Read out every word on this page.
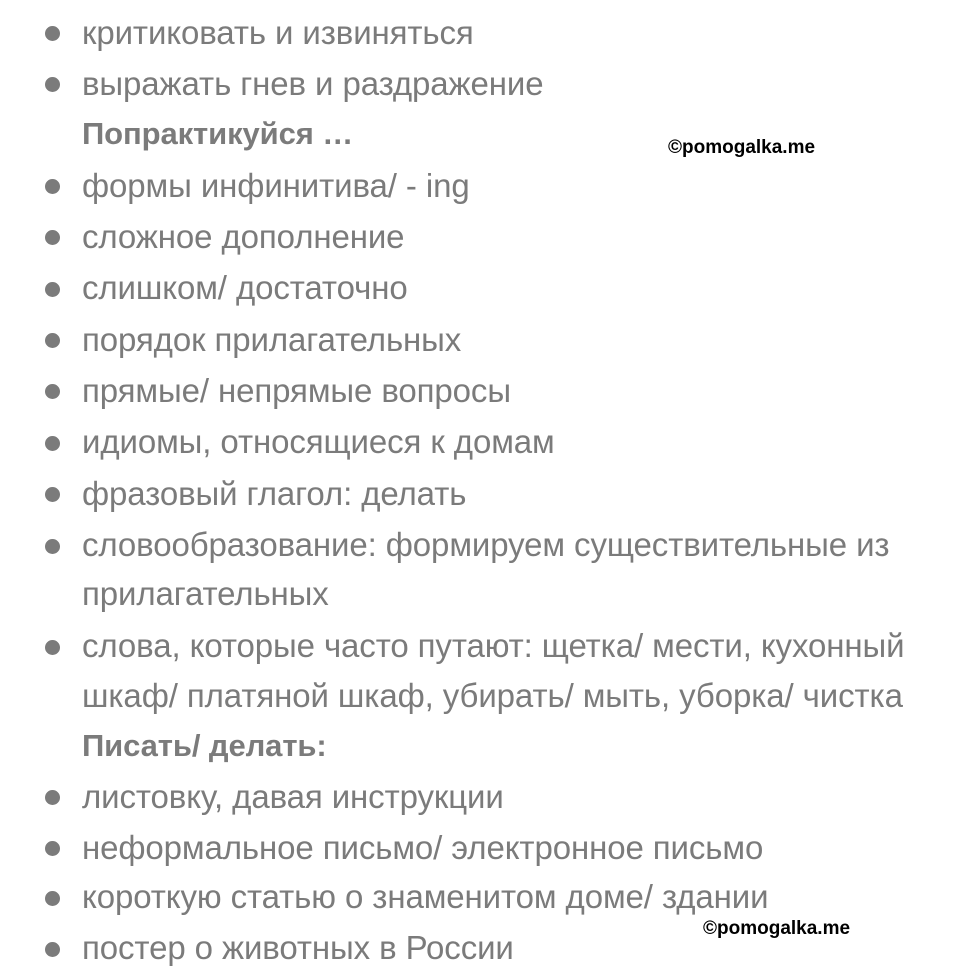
критиковать и извиняться
выражать гнев и раздражение
Попрактикуйся …	©pomogalka.me
формы инфинитива/ - ing
сложное дополнение
слишком/ достаточно
порядок прилагательных
прямые/ непрямые вопросы
идиомы, относящиеся к домам
фразовый глагол: делать
словообразование: формируем существительные из
прилагательных
слова, которые часто путают: щетка/ мести, кухонный
шкаф/ платяной шкаф, убирать/ мыть, уборка/ чистка
Писать/ делать:
листовку, давая инструкции
неформальное письмо/ электронное письмо
короткую статью о знаменитом доме/ здании
©pomogalka.me
постер о животных в России
